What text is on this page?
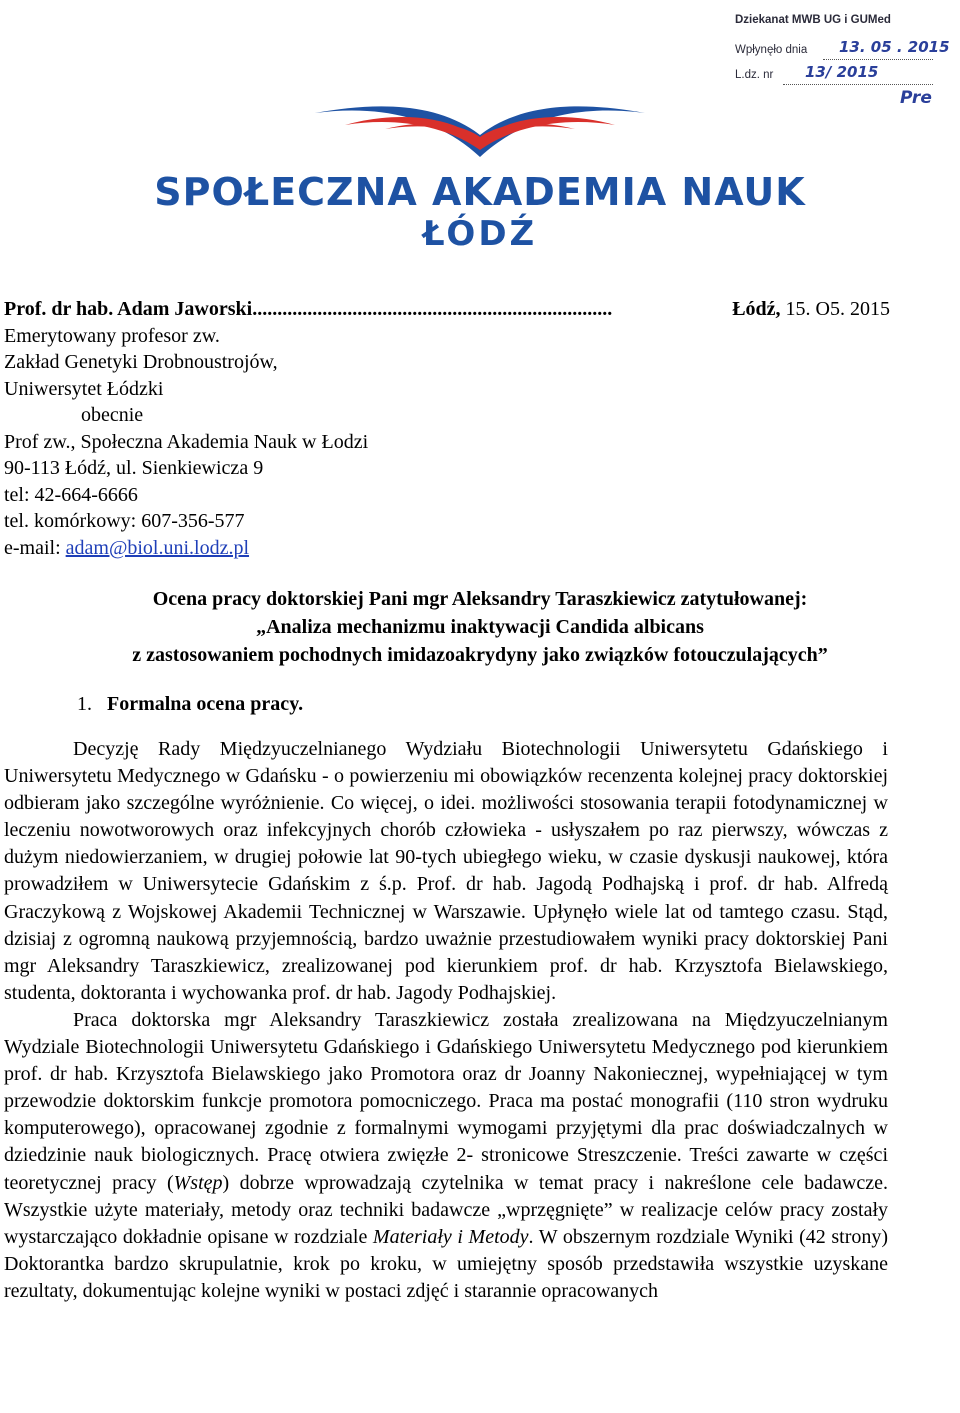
Dziekanat MWB UG i GUMed
Wpłynęło dnia 13. 05 . 2015
L.dz. nr 13/ 2015
Pre
SPOŁECZNA AKADEMIA NAUK
ŁÓDŹ
Prof. dr hab. Adam Jaworski........................................................................	Łódź, 15. O5. 2015
Emerytowany profesor zw.
Zakład Genetyki Drobnoustrojów,
Uniwersytet Łódzki
obecnie
Prof zw., Społeczna Akademia Nauk w Łodzi
90-113 Łódź, ul. Sienkiewicza 9
tel: 42-664-6666
tel. komórkowy: 607-356-577
e-mail: adam@biol.uni.lodz.pl
Ocena pracy doktorskiej Pani mgr Aleksandry Taraszkiewicz zatytułowanej:
„Analiza mechanizmu inaktywacji Candida albicans
z zastosowaniem pochodnych imidazoakrydyny jako związków fotouczulających”
1. Formalna ocena pracy.

Decyzję Rady Międzyuczelnianego Wydziału Biotechnologii Uniwersytetu Gdańskiego i Uniwersytetu Medycznego w Gdańsku - o powierzeniu mi obowiązków recenzenta kolejnej pracy doktorskiej odbieram jako szczególne wyróżnienie. Co więcej, o idei. możliwości stosowania terapii fotodynamicznej w leczeniu nowotworowych oraz infekcyjnych chorób człowieka - usłyszałem po raz pierwszy, wówczas z dużym niedowierzaniem, w drugiej połowie lat 90-tych ubiegłego wieku, w czasie dyskusji naukowej, która prowadziłem w Uniwersytecie Gdańskim z ś.p. Prof. dr hab. Jagodą Podhajską i prof. dr hab. Alfredą Graczykową z Wojskowej Akademii Technicznej w Warszawie. Upłynęło wiele lat od tamtego czasu. Stąd, dzisiaj z ogromną naukową przyjemnością, bardzo uważnie przestudiowałem wyniki pracy doktorskiej Pani mgr Aleksandry Taraszkiewicz, zrealizowanej pod kierunkiem prof. dr hab. Krzysztofa Bielawskiego, studenta, doktoranta i wychowanka prof. dr hab. Jagody Podhajskiej.

Praca doktorska mgr Aleksandry Taraszkiewicz została zrealizowana na Międzyuczelnianym Wydziale Biotechnologii Uniwersytetu Gdańskiego i Gdańskiego Uniwersytetu Medycznego pod kierunkiem prof. dr hab. Krzysztofa Bielawskiego jako Promotora oraz dr Joanny Nakoniecznej, wypełniającej w tym przewodzie doktorskim funkcje promotora pomocniczego. Praca ma postać monografii (110 stron wydruku komputerowego), opracowanej zgodnie z formalnymi wymogami przyjętymi dla prac doświadczalnych w dziedzinie nauk biologicznych. Pracę otwiera zwięzłe 2- stronicowe Streszczenie. Treści zawarte w części teoretycznej pracy (Wstęp) dobrze wprowadzają czytelnika w temat pracy i nakreślone cele badawcze. Wszystkie użyte materiały, metody oraz techniki badawcze „wprzęgnięte” w realizacje celów pracy zostały wystarczająco dokładnie opisane w rozdziale Materiały i Metody. W obszernym rozdziale Wyniki (42 strony) Doktorantka bardzo skrupulatnie, krok po kroku, w umiejętny sposób przedstawiła wszystkie uzyskane rezultaty, dokumentując kolejne wyniki w postaci zdjęć i starannie opracowanych
